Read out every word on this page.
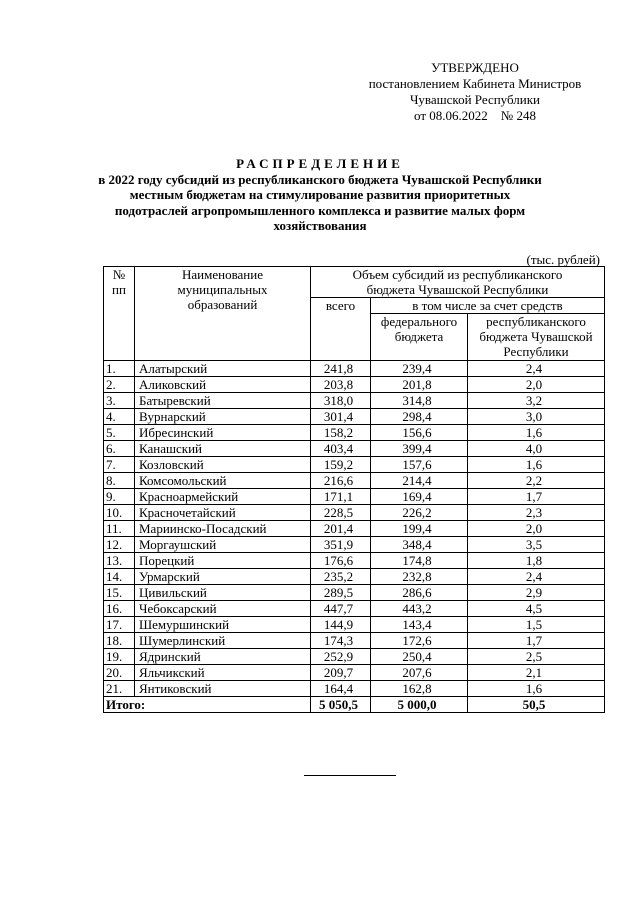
УТВЕРЖДЕНО
постановлением Кабинета Министров
Чувашской Республики
от 08.06.2022    № 248
РАСПРЕДЕЛЕНИЕ
в 2022 году субсидий из республиканского бюджета Чувашской Республики
местным бюджетам на стимулирование развития приоритетных
подотраслей агропромышленного комплекса и развитие малых форм
хозяйствования
(тыс. рублей)
№ пп	Наименование муниципальных образований	Объем субсидий из республиканского бюджета Чувашской Республики		
		всего	в том числе за счет средств	
			федерального бюджета	республиканского бюджета Чувашской Республики
1.	Алатырский	241,8	239,4	2,4
2.	Аликовский	203,8	201,8	2,0
3.	Батыревский	318,0	314,8	3,2
4.	Вурнарский	301,4	298,4	3,0
5.	Ибресинский	158,2	156,6	1,6
6.	Канашский	403,4	399,4	4,0
7.	Козловский	159,2	157,6	1,6
8.	Комсомольский	216,6	214,4	2,2
9.	Красноармейский	171,1	169,4	1,7
10.	Красночетайский	228,5	226,2	2,3
11.	Мариинско-Посадский	201,4	199,4	2,0
12.	Моргаушский	351,9	348,4	3,5
13.	Порецкий	176,6	174,8	1,8
14.	Урмарский	235,2	232,8	2,4
15.	Цивильский	289,5	286,6	2,9
16.	Чебоксарский	447,7	443,2	4,5
17.	Шемуршинский	144,9	143,4	1,5
18.	Шумерлинский	174,3	172,6	1,7
19.	Ядринский	252,9	250,4	2,5
20.	Яльчикский	209,7	207,6	2,1
21.	Янтиковский	164,4	162,8	1,6
Итого:		5 050,5	5 000,0	50,5
